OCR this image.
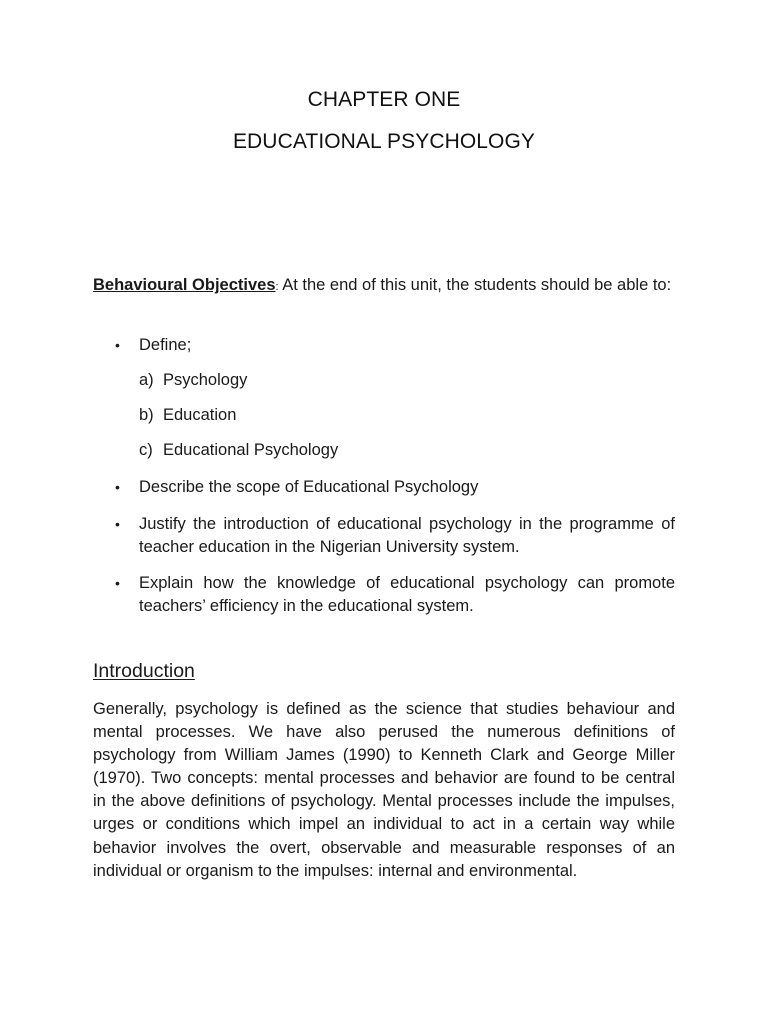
CHAPTER ONE
EDUCATIONAL PSYCHOLOGY
Behavioural Objectives: At the end of this unit, the students should be able to:
• Define;
a) Psychology
b) Education
c) Educational Psychology
• Describe the scope of Educational Psychology
• Justify the introduction of educational psychology in the programme of teacher education in the Nigerian University system.
• Explain how the knowledge of educational psychology can promote teachers’ efficiency in the educational system.
Introduction
Generally, psychology is defined as the science that studies behaviour and mental processes. We have also perused the numerous definitions of psychology from William James (1990) to Kenneth Clark and George Miller (1970). Two concepts: mental processes and behavior are found to be central in the above definitions of psychology. Mental processes include the impulses, urges or conditions which impel an individual to act in a certain way while behavior involves the overt, observable and measurable responses of an individual or organism to the impulses: internal and environmental.
